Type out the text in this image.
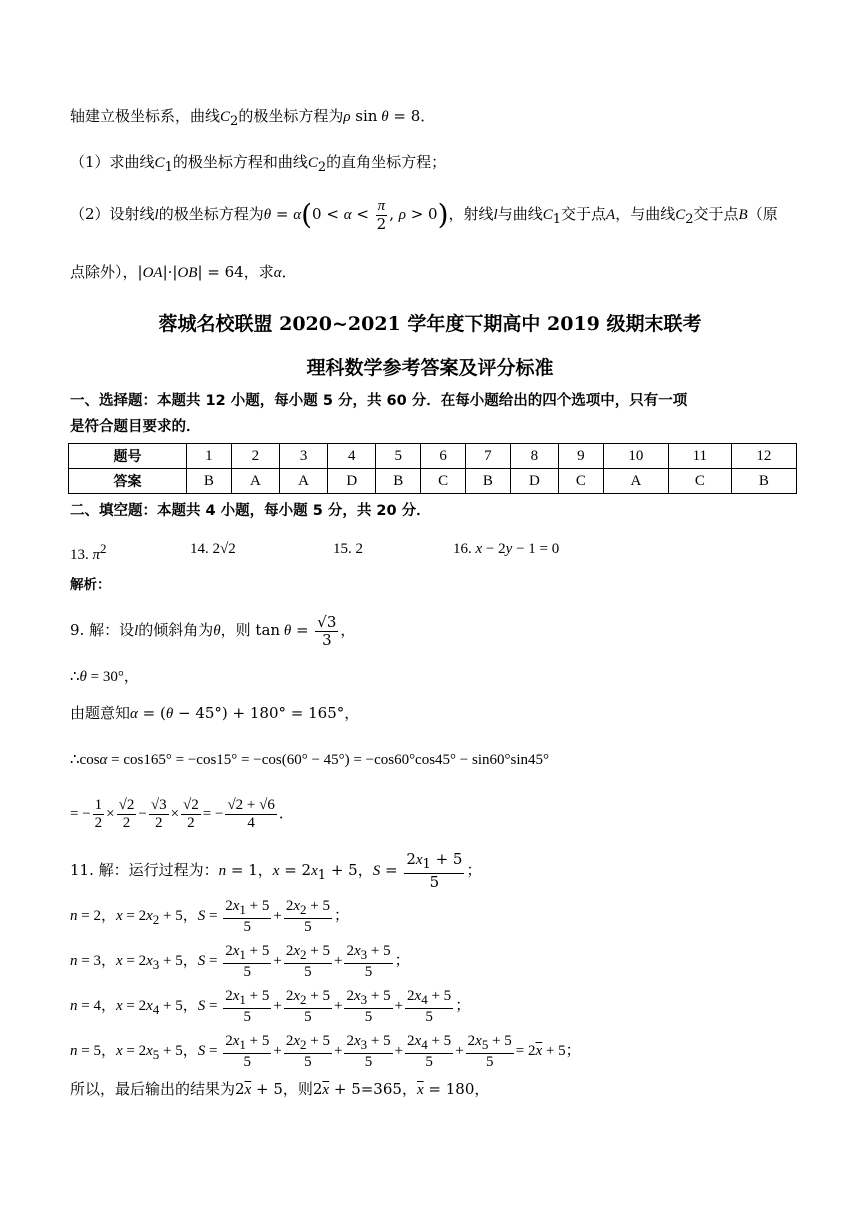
轴建立极坐标系，曲线$C_2$的极坐标方程为ρ sin θ = 8．
（1）求曲线$C_1$的极坐标方程和曲线$C_2$的直角坐标方程；
（2）设射线l的极坐标方程为$\theta = \alpha(0 < \alpha < \frac{\pi}{2}$ , ρ > 0)，射线l与曲线$C_1$交于点A，与曲线$C_2$交于点B（原
点除外），|OA|·|OB| = 64，求α．
蓉城名校联盟 2020~2021 学年度下期高中 2019 级期末联考
理科数学参考答案及评分标准
一、选择题：本题共 12 小题，每小题 5 分，共 60 分．在每小题给出的四个选项中，只有一项
是符合题目要求的．
题号	1	2	3	4	5	6	7	8	9	10	11	12
答案	B	A	A	D	B	C	B	D	C	A	C	B
二、填空题：本题共 4 小题，每小题 5 分，共 20 分．
13. $\pi^2$	14. 2√2	15. 2	16. x − 2y − 1 = 0
解析：
9. 解：设l的倾斜角为θ，则 $\tan \theta = \frac{√3}{3}$ ，
∴θ = 30°，
由题意知α = (θ − 45°) + 180° = 165°，
∴cosα = cos165° = −cos15° = −cos(60° − 45°) = −cos60°cos45° − sin60°sin45°
= − $\frac{1}{2} \times \frac{√2}{2} - \frac{√3}{2} \times \frac{√2}{2}$ = − $\frac{√2 + √6}{4}$ ．
11. 解：运行过程为：n = 1，$x = 2x_1 + 5$，$S = \frac{2x_1 + 5}{5}$ ；
n = 2，$x = 2x_2 + 5$，$S = \frac{2x_1 + 5}{5} + \frac{2x_2 + 5}{5}$ ；
n = 3，$x = 2x_3 + 5$，$S = \frac{2x_1 + 5}{5} + \frac{2x_2 + 5}{5} + \frac{2x_3 + 5}{5}$ ；
n = 4，$x = 2x_4 + 5$，$S = \frac{2x_1 + 5}{5} + \frac{2x_2 + 5}{5} + \frac{2x_3 + 5}{5} + \frac{2x_4 + 5}{5}$ ；
n = 5，$x = 2x_5 + 5$，$S = \frac{2x_1 + 5}{5} + \frac{2x_2 + 5}{5} + \frac{2x_3 + 5}{5} + \frac{2x_4 + 5}{5} + \frac{2x_5 + 5}{5} = 2\overline{x} + 5$；
所以，最后输出的结果为$2\overline{x} + 5$，则$2\overline{x} + 5=365$，$\overline{x} = 180$，
